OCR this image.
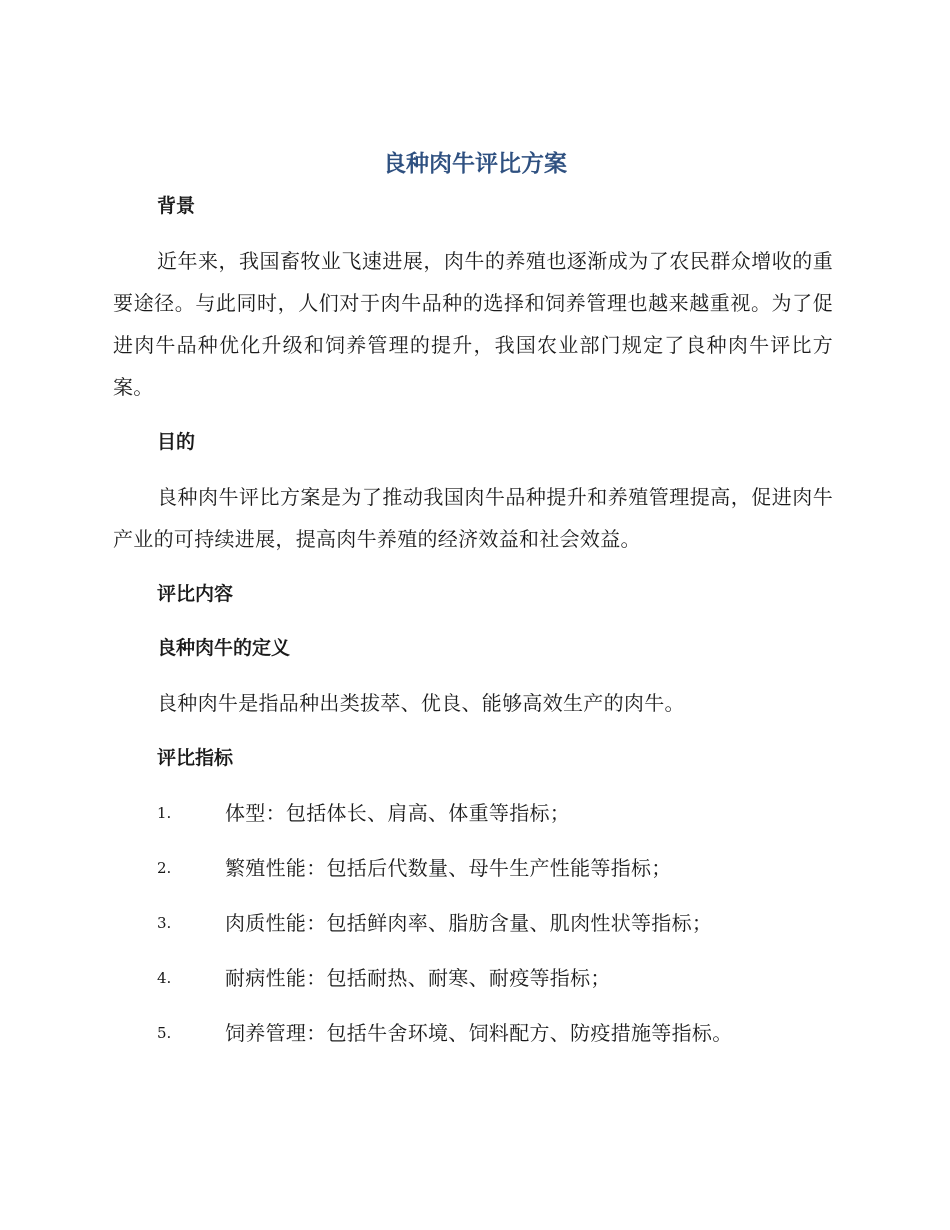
良种肉牛评比方案
背景
近年来，我国畜牧业飞速进展，肉牛的养殖也逐渐成为了农民群众增收的重要途径。与此同时，人们对于肉牛品种的选择和饲养管理也越来越重视。为了促进肉牛品种优化升级和饲养管理的提升，我国农业部门规定了良种肉牛评比方案。
目的
良种肉牛评比方案是为了推动我国肉牛品种提升和养殖管理提高，促进肉牛产业的可持续进展，提高肉牛养殖的经济效益和社会效益。
评比内容
良种肉牛的定义
良种肉牛是指品种出类拔萃、优良、能够高效生产的肉牛。
评比指标
1.	体型：包括体长、肩高、体重等指标；
2.	繁殖性能：包括后代数量、母牛生产性能等指标；
3.	肉质性能：包括鲜肉率、脂肪含量、肌肉性状等指标；
4.	耐病性能：包括耐热、耐寒、耐疫等指标；
5.	饲养管理：包括牛舍环境、饲料配方、防疫措施等指标。
